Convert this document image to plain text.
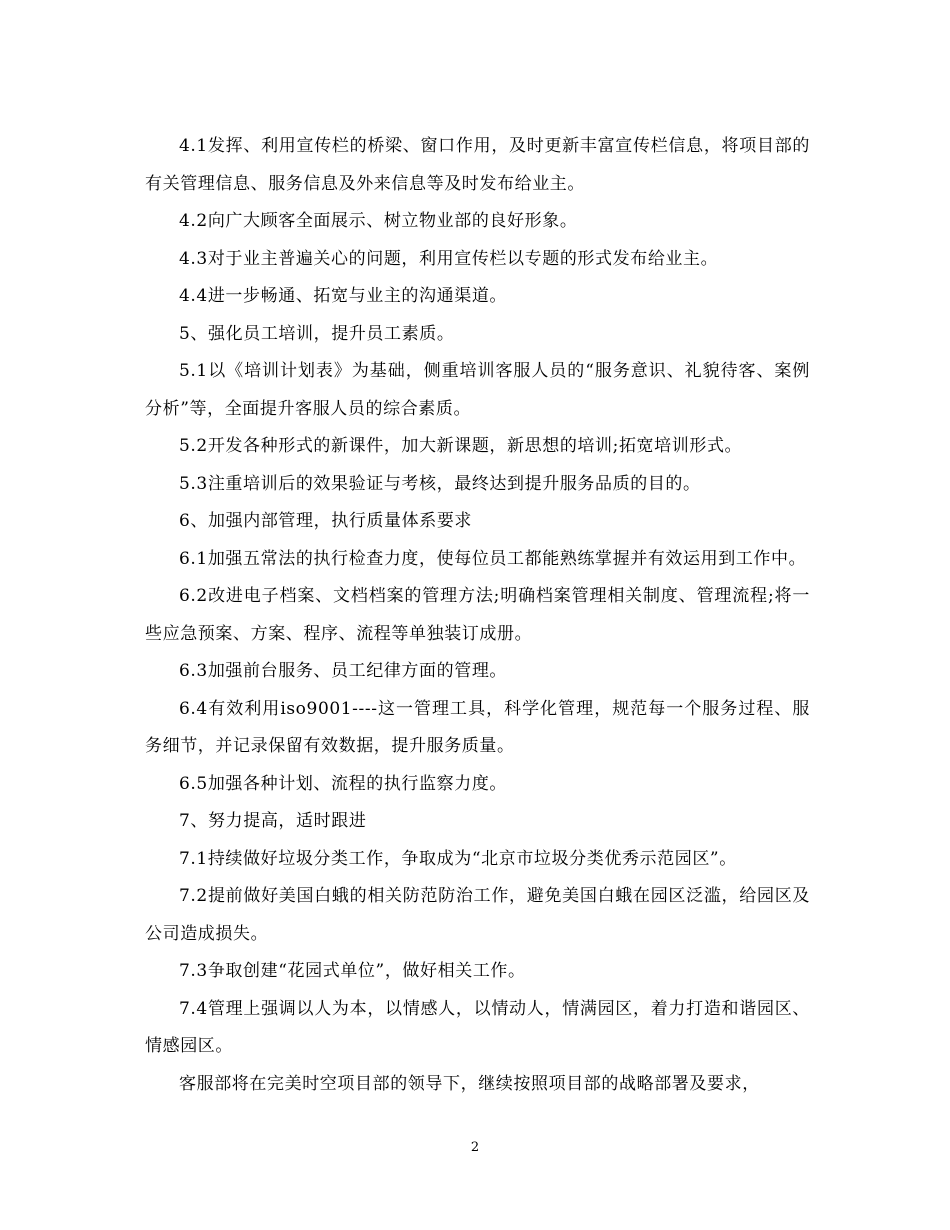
4.1发挥、利用宣传栏的桥梁、窗口作用，及时更新丰富宣传栏信息，将项目部的有关管理信息、服务信息及外来信息等及时发布给业主。

4.2向广大顾客全面展示、树立物业部的良好形象。

4.3对于业主普遍关心的问题，利用宣传栏以专题的形式发布给业主。

4.4进一步畅通、拓宽与业主的沟通渠道。

5、强化员工培训，提升员工素质。

5.1以《培训计划表》为基础，侧重培训客服人员的“服务意识、礼貌待客、案例分析”等，全面提升客服人员的综合素质。

5.2开发各种形式的新课件，加大新课题，新思想的培训;拓宽培训形式。

5.3注重培训后的效果验证与考核，最终达到提升服务品质的目的。

6、加强内部管理，执行质量体系要求

6.1加强五常法的执行检查力度，使每位员工都能熟练掌握并有效运用到工作中。

6.2改进电子档案、文档档案的管理方法;明确档案管理相关制度、管理流程;将一些应急预案、方案、程序、流程等单独装订成册。

6.3加强前台服务、员工纪律方面的管理。

6.4有效利用iso9001----这一管理工具，科学化管理，规范每一个服务过程、服务细节，并记录保留有效数据，提升服务质量。

6.5加强各种计划、流程的执行监察力度。

7、努力提高，适时跟进

7.1持续做好垃圾分类工作，争取成为“北京市垃圾分类优秀示范园区”。

7.2提前做好美国白蛾的相关防范防治工作，避免美国白蛾在园区泛滥，给园区及公司造成损失。

7.3争取创建“花园式单位”，做好相关工作。

7.4管理上强调以人为本，以情感人，以情动人，情满园区，着力打造和谐园区、情感园区。

客服部将在完美时空项目部的领导下，继续按照项目部的战略部署及要求，

2
